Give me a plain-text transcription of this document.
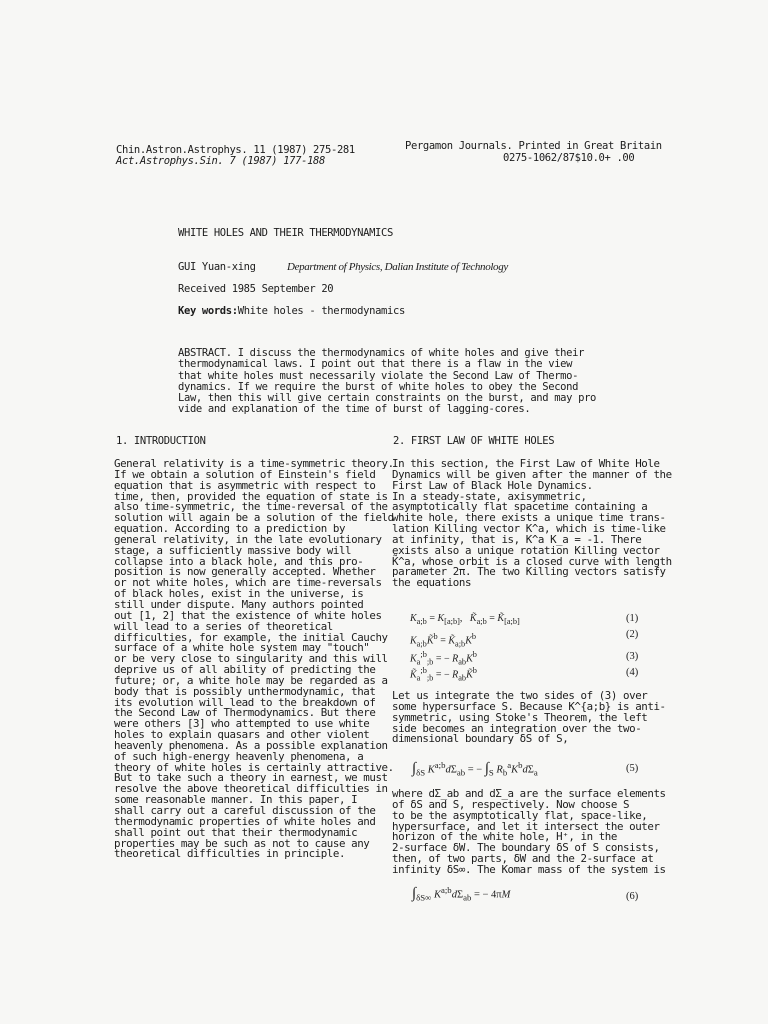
Chin.Astron.Astrophys. 11 (1987) 275-281
Act.Astrophys.Sin. 7 (1987) 177-188
Pergamon Journals. Printed in Great Britain
0275-1062/87$10.0+ .00
WHITE HOLES AND THEIR THERMODYNAMICS
GUI Yuan-xing	Department of Physics, Dalian Institute of Technology
Received 1985 September 20
Key words:White holes - thermodynamics
ABSTRACT. I discuss the thermodynamics of white holes and give their
thermodynamical laws. I point out that there is a flaw in the view
that white holes must necessarily violate the Second Law of Thermo-
dynamics. If we require the burst of white holes to obey the Second
Law, then this will give certain constraints on the burst, and may pro
vide and explanation of the time of burst of lagging-cores.
1. INTRODUCTION
General relativity is a time-symmetric theory.
If we obtain a solution of Einstein's field
equation that is asymmetric with respect to
time, then, provided the equation of state is
also time-symmetric, the time-reversal of the
solution will again be a solution of the field
equation. According to a prediction by
general relativity, in the late evolutionary
stage, a sufficiently massive body will
collapse into a black hole, and this pro-
position is now generally accepted. Whether
or not white holes, which are time-reversals
of black holes, exist in the universe, is
still under dispute. Many authors pointed
out [1, 2] that the existence of white holes
will lead to a series of theoretical
difficulties, for example, the initial Cauchy
surface of a white hole system may "touch"
or be very close to singularity and this will
deprive us of all ability of predicting the
future; or, a white hole may be regarded as a
body that is possibly unthermodynamic, that
its evolution will lead to the breakdown of
the Second Law of Thermodynamics. But there
were others [3] who attempted to use white
holes to explain quasars and other violent
heavenly phenomena. As a possible explanation
of such high-energy heavenly phenomena, a
theory of white holes is certainly attractive.
But to take such a theory in earnest, we must
resolve the above theoretical difficulties in
some reasonable manner. In this paper, I
shall carry out a careful discussion of the
thermodynamic properties of white holes and
shall point out that their thermodynamic
properties may be such as not to cause any
theoretical difficulties in principle.
2. FIRST LAW OF WHITE HOLES
In this section, the First Law of White Hole
Dynamics will be given after the manner of the
First Law of Black Hole Dynamics.
In a steady-state, axisymmetric,
asymptotically flat spacetime containing a
white hole, there exists a unique time trans-
lation Killing vector K^a, which is time-like
at infinity, that is, K^a K_a = -1. There
exists also a unique rotation Killing vector
K̃^a, whose orbit is a closed curve with length
parameter 2π. The two Killing vectors satisfy
the equations
$K_{a;b} = K_{[a;b]}$,   $K̃_{a;b}$ = $K̃_{[a;b]}$	(1)
$K_{a;b}K̃^b$ = $K̃_{a;b}K^b$	(2)
$K_a^{;b}_{;b}$ = − $R_{ab}K^b$	(3)
$K̃_a^{;b}_{;b}$ = − $R_{ab}K̃^b$	(4)
Let us integrate the two sides of (3) over
some hypersurface S. Because K^{a;b} is anti-
symmetric, using Stoke's Theorem, the left
side becomes an integration over the two-
dimensional boundary δS of S,
$\int_{\delta S}$ $K^{a;b}d\Sigma_{ab}$ = − $\int_S$ $R_b^aK^bd\Sigma_a$	(5)
where dΣ_ab and dΣ_a are the surface elements
of δS and S, respectively. Now choose S
to be the asymptotically flat, space-like,
hypersurface, and let it intersect the outer
horizon of the white hole, H⁺, in the
2-surface δW. The boundary δS of S consists,
then, of two parts, δW and the 2-surface at
infinity δS∞. The Komar mass of the system is
$\int_{\delta S\infty}$ $K^{a;b}d\Sigma_{ab}$ = − 4πM	(6)
